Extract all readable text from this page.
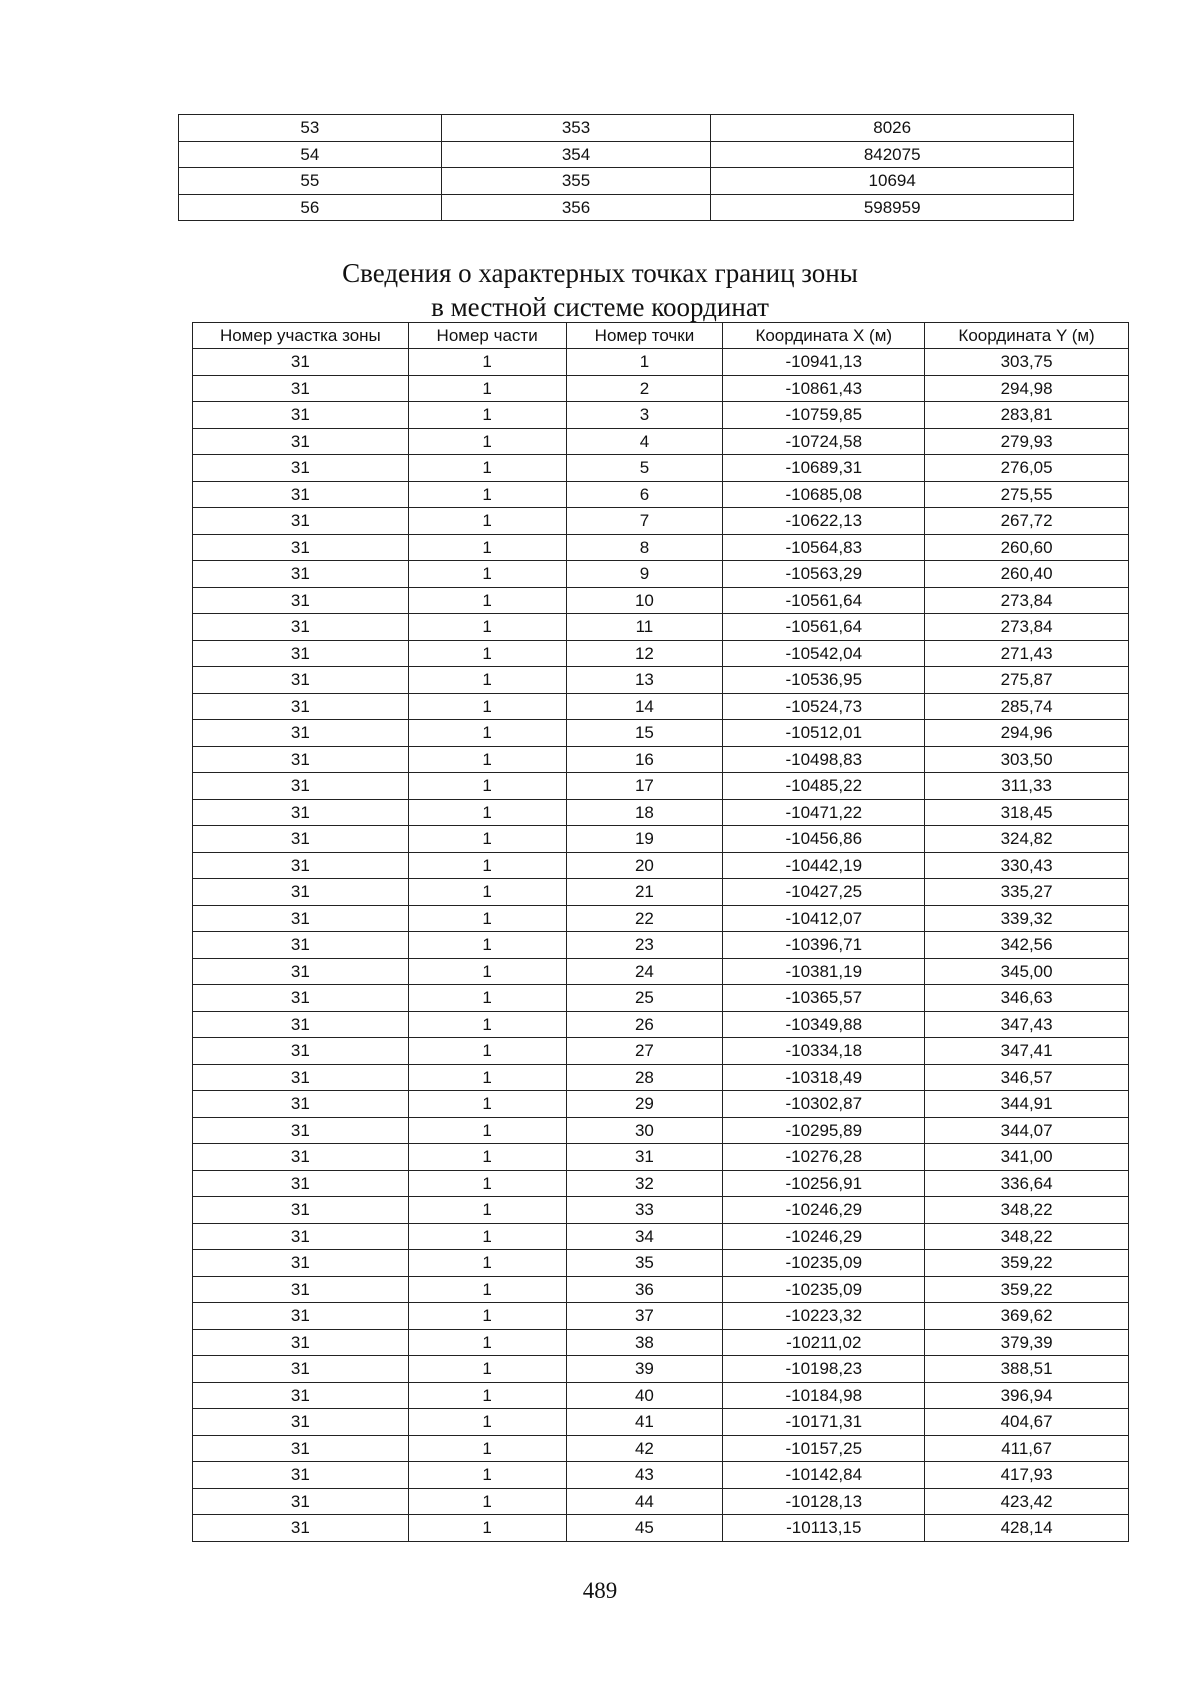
53	353	8026
54	354	842075
55	355	10694
56	356	598959
Сведения о характерных точках границ зоны
в местной системе координат
Номер участка зоны	Номер части	Номер точки	Координата X (м)	Координата Y (м)
31	1	1	-10941,13	303,75
31	1	2	-10861,43	294,98
31	1	3	-10759,85	283,81
31	1	4	-10724,58	279,93
31	1	5	-10689,31	276,05
31	1	6	-10685,08	275,55
31	1	7	-10622,13	267,72
31	1	8	-10564,83	260,60
31	1	9	-10563,29	260,40
31	1	10	-10561,64	273,84
31	1	11	-10561,64	273,84
31	1	12	-10542,04	271,43
31	1	13	-10536,95	275,87
31	1	14	-10524,73	285,74
31	1	15	-10512,01	294,96
31	1	16	-10498,83	303,50
31	1	17	-10485,22	311,33
31	1	18	-10471,22	318,45
31	1	19	-10456,86	324,82
31	1	20	-10442,19	330,43
31	1	21	-10427,25	335,27
31	1	22	-10412,07	339,32
31	1	23	-10396,71	342,56
31	1	24	-10381,19	345,00
31	1	25	-10365,57	346,63
31	1	26	-10349,88	347,43
31	1	27	-10334,18	347,41
31	1	28	-10318,49	346,57
31	1	29	-10302,87	344,91
31	1	30	-10295,89	344,07
31	1	31	-10276,28	341,00
31	1	32	-10256,91	336,64
31	1	33	-10246,29	348,22
31	1	34	-10246,29	348,22
31	1	35	-10235,09	359,22
31	1	36	-10235,09	359,22
31	1	37	-10223,32	369,62
31	1	38	-10211,02	379,39
31	1	39	-10198,23	388,51
31	1	40	-10184,98	396,94
31	1	41	-10171,31	404,67
31	1	42	-10157,25	411,67
31	1	43	-10142,84	417,93
31	1	44	-10128,13	423,42
31	1	45	-10113,15	428,14
489
